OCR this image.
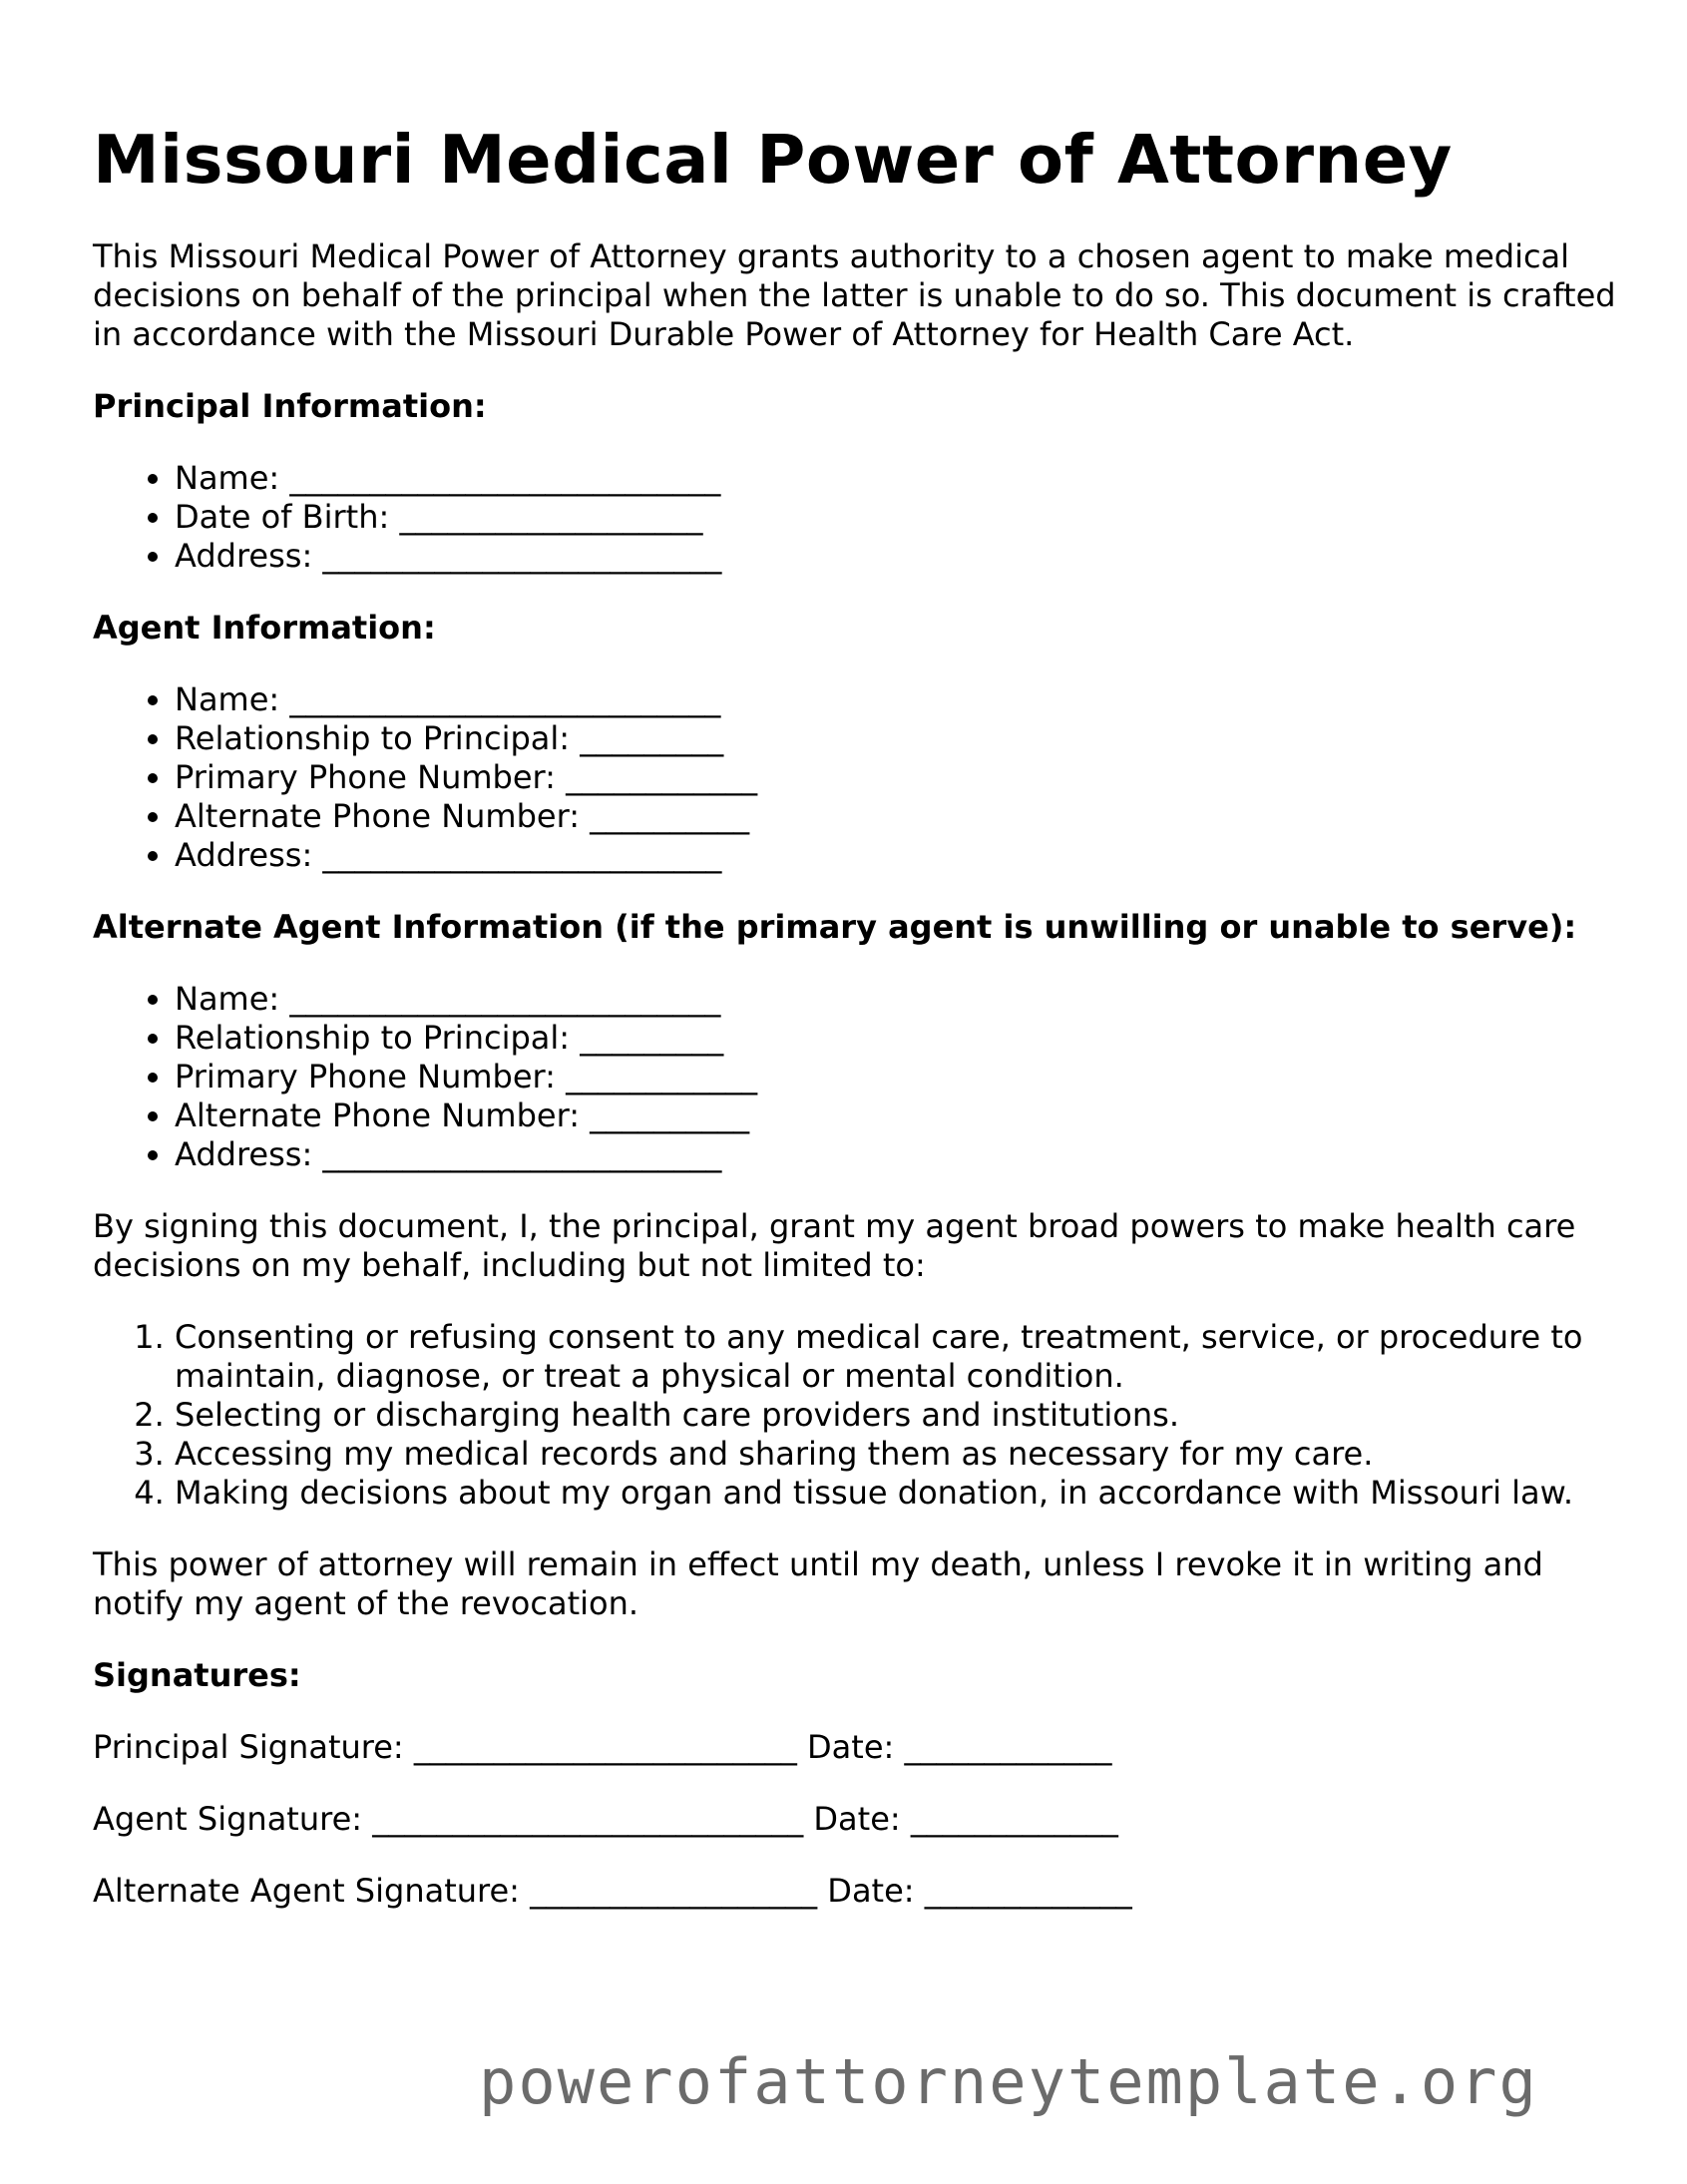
Missouri Medical Power of Attorney

This Missouri Medical Power of Attorney grants authority to a chosen agent to make medical decisions on behalf of the principal when the latter is unable to do so. This document is crafted in accordance with the Missouri Durable Power of Attorney for Health Care Act.

Principal Information:
• Name: ___________________________
• Date of Birth: ___________________
• Address: _________________________
Agent Information:
• Name: ___________________________
• Relationship to Principal: _________
• Primary Phone Number: ____________
• Alternate Phone Number: __________
• Address: _________________________
Alternate Agent Information (if the primary agent is unwilling or unable to serve):
• Name: ___________________________
• Relationship to Principal: _________
• Primary Phone Number: ____________
• Alternate Phone Number: __________
• Address: _________________________

By signing this document, I, the principal, grant my agent broad powers to make health care decisions on my behalf, including but not limited to:

1. Consenting or refusing consent to any medical care, treatment, service, or procedure to maintain, diagnose, or treat a physical or mental condition.
2. Selecting or discharging health care providers and institutions.
3. Accessing my medical records and sharing them as necessary for my care.
4. Making decisions about my organ and tissue donation, in accordance with Missouri law.

This power of attorney will remain in effect until my death, unless I revoke it in writing and notify my agent of the revocation.

Signatures:
Principal Signature: ________________________ Date: _____________
Agent Signature: ___________________________ Date: _____________
Alternate Agent Signature: __________________ Date: _____________
powerofattorneytemplate.org
